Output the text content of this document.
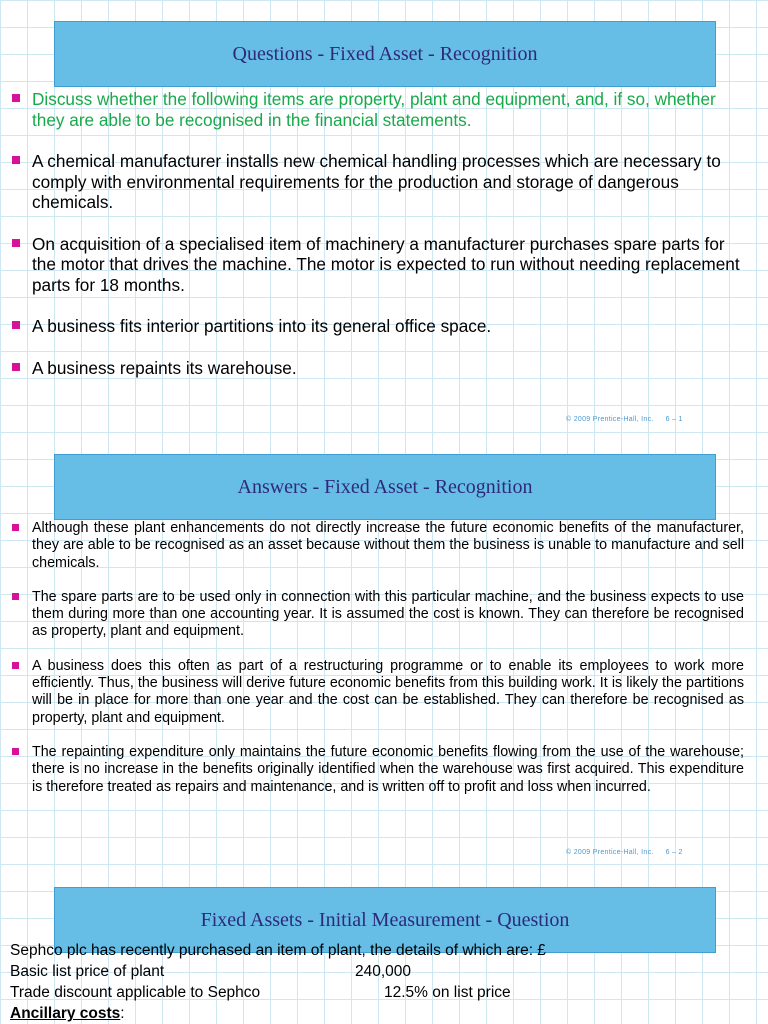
Questions - Fixed Asset - Recognition
Discuss whether the following items are property, plant and equipment, and, if so, whether they are able to be recognised in the financial statements.
A chemical manufacturer installs new chemical handling processes which are necessary to comply with environmental requirements for the production and storage of dangerous chemicals.
On acquisition of a specialised item of machinery a manufacturer purchases spare parts for the motor that drives the machine. The motor is expected to run without needing replacement parts for 18 months.
A business fits interior partitions into its general office space.
A business repaints its warehouse.
© 2009 Prentice-Hall, Inc. 6 – 1
Answers - Fixed Asset - Recognition
Although these plant enhancements do not directly increase the future economic benefits of the manufacturer, they are able to be recognised as an asset because without them the business is unable to manufacture and sell chemicals.
The spare parts are to be used only in connection with this particular machine, and the business expects to use them during more than one accounting year. It is assumed the cost is known. They can therefore be recognised as property, plant and equipment.
A business does this often as part of a restructuring programme or to enable its employees to work more efficiently. Thus, the business will derive future economic benefits from this building work. It is likely the partitions will be in place for more than one year and the cost can be established. They can therefore be recognised as property, plant and equipment.
The repainting expenditure only maintains the future economic benefits flowing from the use of the warehouse; there is no increase in the benefits originally identified when the warehouse was first acquired. This expenditure is therefore treated as repairs and maintenance, and is written off to profit and loss when incurred.
© 2009 Prentice-Hall, Inc. 6 – 2
Fixed Assets - Initial Measurement - Question
Sephco plc has recently purchased an item of plant, the details of which are: £
Basic list price of plant	240,000
Trade discount applicable to Sephco	12.5% on list price
Ancillary costs:
